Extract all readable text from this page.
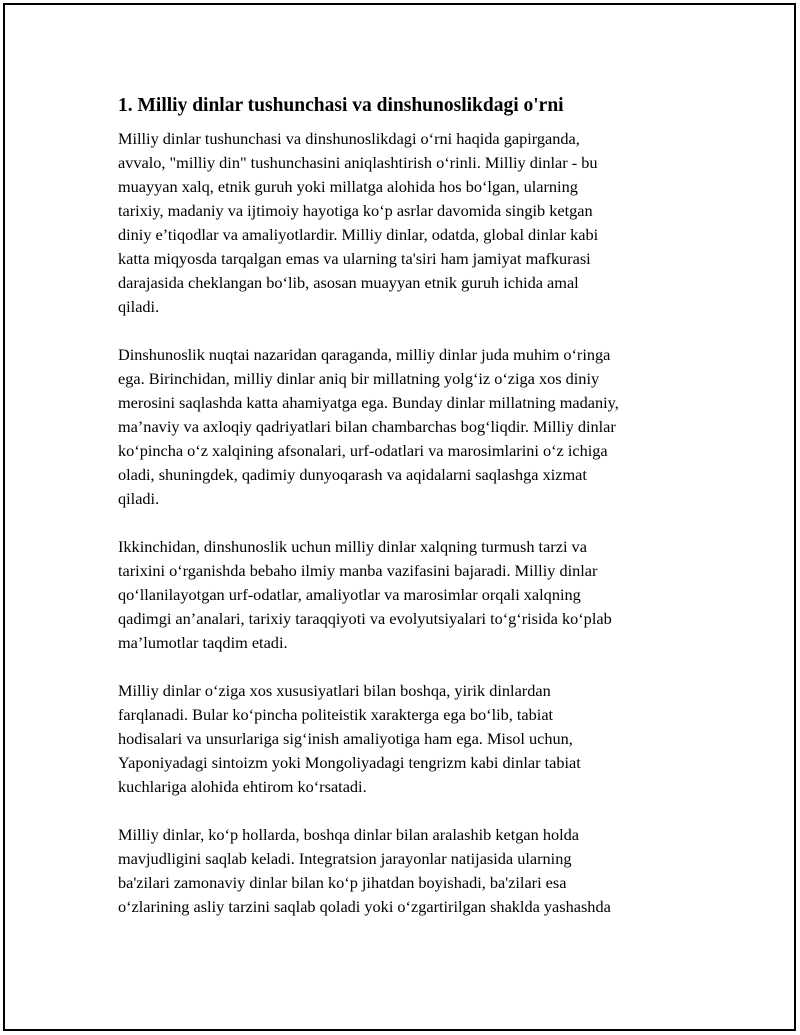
1. Milliy dinlar tushunchasi va dinshunoslikdagi o'rni

Milliy dinlar tushunchasi va dinshunoslikdagi o‘rni haqida gapirganda,
avvalo, "milliy din" tushunchasini aniqlashtirish o‘rinli. Milliy dinlar - bu
muayyan xalq, etnik guruh yoki millatga alohida hos bo‘lgan, ularning
tarixiy, madaniy va ijtimoiy hayotiga ko‘p asrlar davomida singib ketgan
diniy e’tiqodlar va amaliyotlardir. Milliy dinlar, odatda, global dinlar kabi
katta miqyosda tarqalgan emas va ularning ta'siri ham jamiyat mafkurasi
darajasida cheklangan bo‘lib, asosan muayyan etnik guruh ichida amal
qiladi.

Dinshunoslik nuqtai nazaridan qaraganda, milliy dinlar juda muhim o‘ringa
ega. Birinchidan, milliy dinlar aniq bir millatning yolg‘iz o‘ziga xos diniy
merosini saqlashda katta ahamiyatga ega. Bunday dinlar millatning madaniy,
ma’naviy va axloqiy qadriyatlari bilan chambarchas bog‘liqdir. Milliy dinlar
ko‘pincha o‘z xalqining afsonalari, urf-odatlari va marosimlarini o‘z ichiga
oladi, shuningdek, qadimiy dunyoqarash va aqidalarni saqlashga xizmat
qiladi.

Ikkinchidan, dinshunoslik uchun milliy dinlar xalqning turmush tarzi va
tarixini o‘rganishda bebaho ilmiy manba vazifasini bajaradi. Milliy dinlar
qo‘llanilayotgan urf-odatlar, amaliyotlar va marosimlar orqali xalqning
qadimgi an’analari, tarixiy taraqqiyoti va evolyutsiyalari to‘g‘risida ko‘plab
ma’lumotlar taqdim etadi.

Milliy dinlar o‘ziga xos xususiyatlari bilan boshqa, yirik dinlardan
farqlanadi. Bular ko‘pincha politeistik xarakterga ega bo‘lib, tabiat
hodisalari va unsurlariga sig‘inish amaliyotiga ham ega. Misol uchun,
Yaponiyadagi sintoizm yoki Mongoliyadagi tengrizm kabi dinlar tabiat
kuchlariga alohida ehtirom ko‘rsatadi.

Milliy dinlar, ko‘p hollarda, boshqa dinlar bilan aralashib ketgan holda
mavjudligini saqlab keladi. Integratsion jarayonlar natijasida ularning
ba'zilari zamonaviy dinlar bilan ko‘p jihatdan boyishadi, ba'zilari esa
o‘zlarining asliy tarzini saqlab qoladi yoki o‘zgartirilgan shaklda yashashda
